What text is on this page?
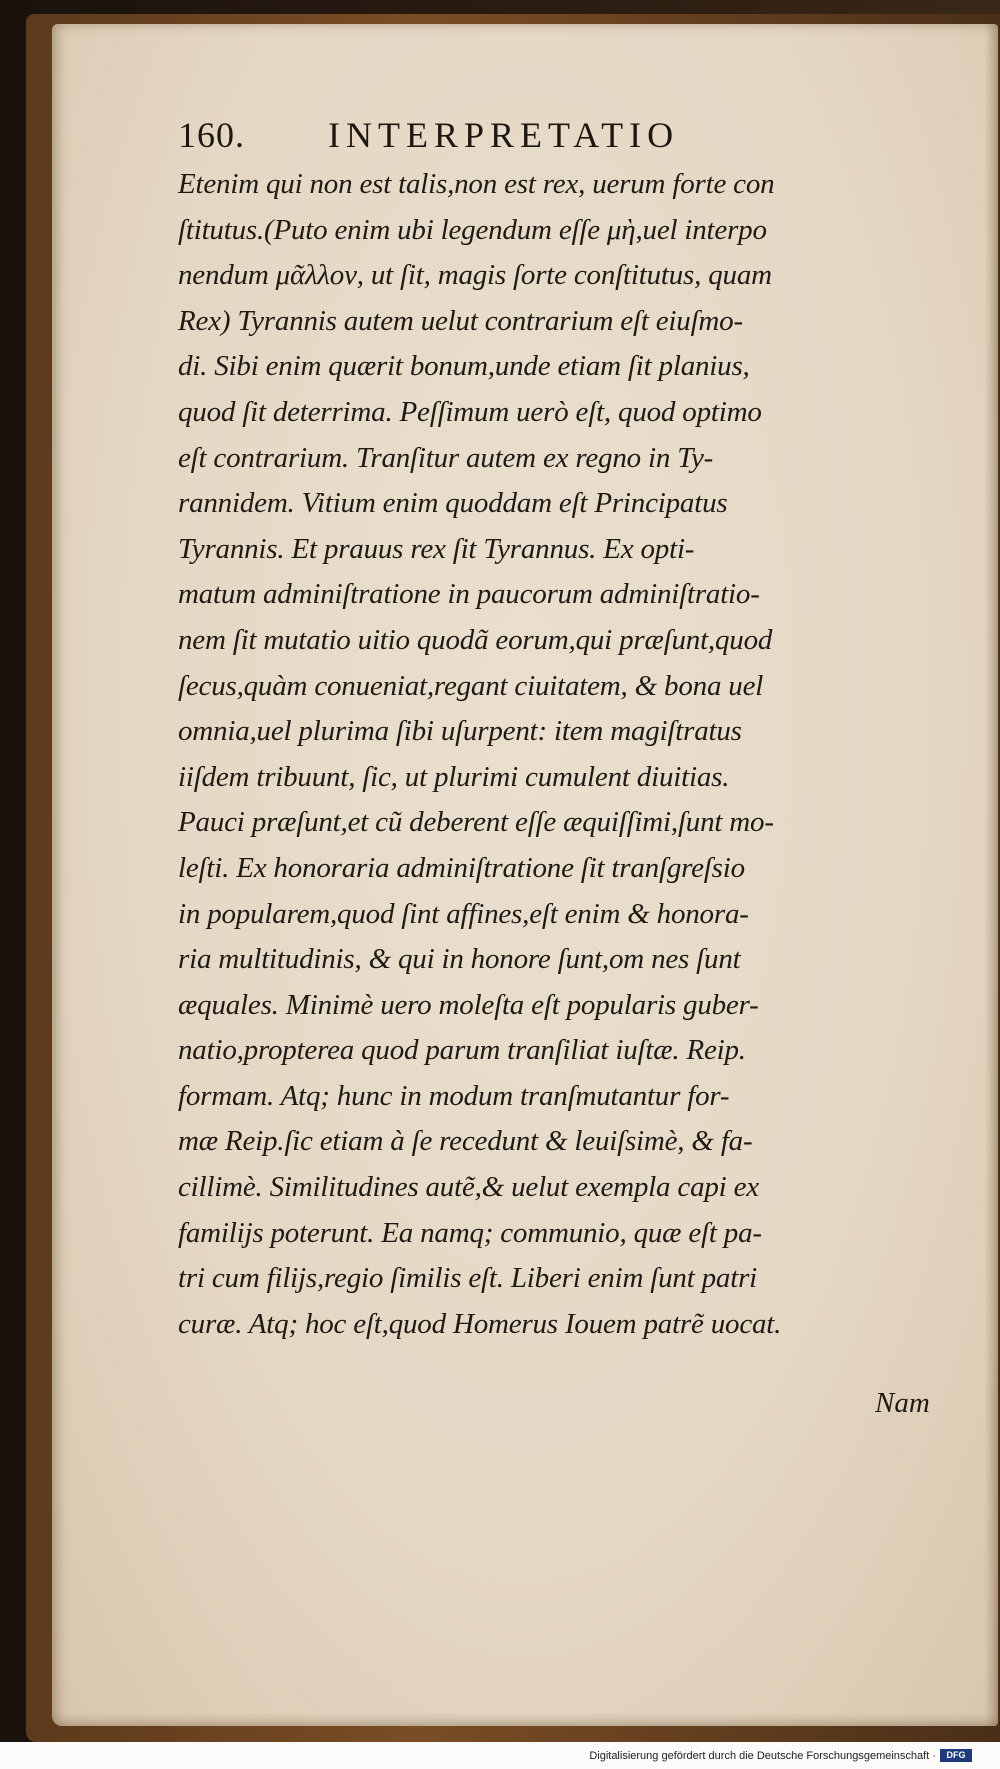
160. INTERPRETATIO
Etenim qui non est talis,non est rex, uerum forte con
ſtitutus.(Puto enim ubi legendum eſſe μὴ,uel interpo
nendum μᾶλλον, ut ſit, magis ſorte conſtitutus, quam
Rex) Tyrannis autem uelut contrarium eſt eiuſmo-
di. Sibi enim quærit bonum,unde etiam ſit planius,
quod ſit deterrima. Peſſimum uerò eſt, quod optimo
eſt contrarium. Tranſitur autem ex regno in Ty-
rannidem. Vitium enim quoddam eſt Principatus
Tyrannis. Et prauus rex ſit Tyrannus. Ex opti-
matum adminiſtratione in paucorum adminiſtratio-
nem ſit mutatio uitio quodã eorum,qui præſunt,quod
ſecus,quàm conueniat,regant ciuitatem, & bona uel
omnia,uel plurima ſibi uſurpent: item magiſtratus
iiſdem tribuunt, ſic, ut plurimi cumulent diuitias.
Pauci præſunt,et cũ deberent eſſe æquiſſimi,ſunt mo-
leſti. Ex honoraria adminiſtratione ſit tranſgreſsio
in popularem,quod ſint affines,eſt enim & honora-
ria multitudinis, & qui in honore ſunt,om nes ſunt
æquales. Minimè uero moleſta eſt popularis guber-
natio,propterea quod parum tranſiliat iuſtæ. Reip.
formam. Atq; hunc in modum tranſmutantur for-
mæ Reip.ſic etiam à ſe recedunt & leuiſsimè, & fa-
cillimè. Similitudines autẽ,& uelut exempla capi ex
familijs poterunt. Ea namq; communio, quæ eſt pa-
tri cum filijs,regio ſimilis eſt. Liberi enim ſunt patri
curæ. Atq; hoc eſt,quod Homerus Iouem patrẽ uocat.
Nam
Digitalisierung gefördert durch die Deutsche Forschungsgemeinschaft ·	DFG
